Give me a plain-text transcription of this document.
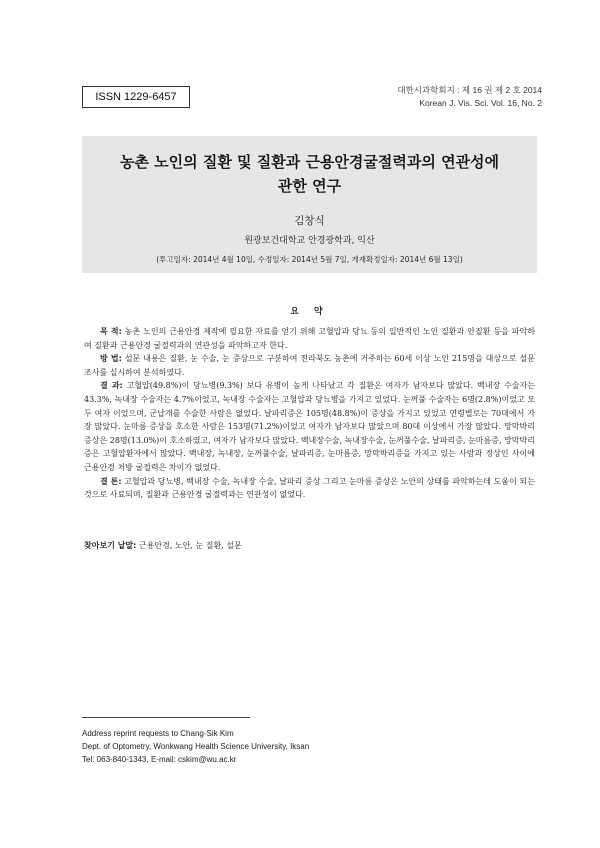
ISSN 1229-6457
대한시과학회지 : 제 16 권 제 2 호 2014
Korean J. Vis. Sci. Vol. 16, No. 2
농촌 노인의 질환 및 질환과 근용안경굴절력과의 연관성에
관한 연구
김창식
원광보건대학교 안경광학과, 익산
(투고일자: 2014년 4월 10일, 수정일자: 2014년 5월 7일, 게재확정일자: 2014년 6월 13일)
요 약

목 적: 농촌 노인의 근용안경 제작에 필요한 자료를 얻기 위해 고혈압과 당뇨 등의 일반적인 노인 질환과 안질환 등을 파악하여 질환과 근용안경 굴절력과의 연관성을 파악하고자 한다.

방 법: 설문 내용은 질환, 눈 수술, 눈 증상으로 구분하여 전라북도 농촌에 거주하는 60세 이상 노인 215명을 대상으로 설문조사를 실시하여 분석하였다.

결 과: 고혈압(49.8%)이 당뇨병(9.3%) 보다 유병이 높게 나타났고 각 질환은 여자가 남자보다 많았다. 백내장 수술자는 43.3%, 녹내장 수술자는 4.7%이었고, 녹내장 수술자는 고혈압과 당뇨병을 가지고 있었다. 눈꺼풀 수술자는 6명(2.8%)이었고 모두 여자 이었으며, 군납개를 수술한 사람은 없었다. 날파리증은 105명(48.8%)이 증상을 가지고 있었고 연령별로는 70대에서 가장 많았다. 눈마름 증상을 호소한 사람은 153명(71.2%)이었고 여자가 남자보다 많았으며 80대 이상에서 가장 많았다. 망막박리 증상은 28명(13.0%)이 호소하였고, 여자가 남자보다 많았다. 백내장수술, 녹내장수술, 눈꺼풀수술, 날파리증, 눈마름증, 망막박리증은 고혈압환자에서 많았다. 백내장, 녹내장, 눈꺼풀수술, 날파리증, 눈마름증, 망막박리증을 가지고 있는 사람과 정상인 사이에 근용안경 처방 굴절력은 차이가 없었다.

결 론: 고혈압과 당뇨병, 백내장 수술, 녹내장 수술, 날파리 증상 그리고 눈마름 증상은 노안의 상태를 파악하는데 도움이 되는 것으로 사료되며, 질환과 근용안경 굴절력과는 연관성이 없었다.

찾아보기 낱말: 근용안경, 노안, 눈 질환, 설문
Address reprint requests to Chang-Sik Kim
Dept. of Optometry, Wonkwang Health Science University, Iksan
Tel: 063-840-1343, E-mail: cskim@wu.ac.kr
